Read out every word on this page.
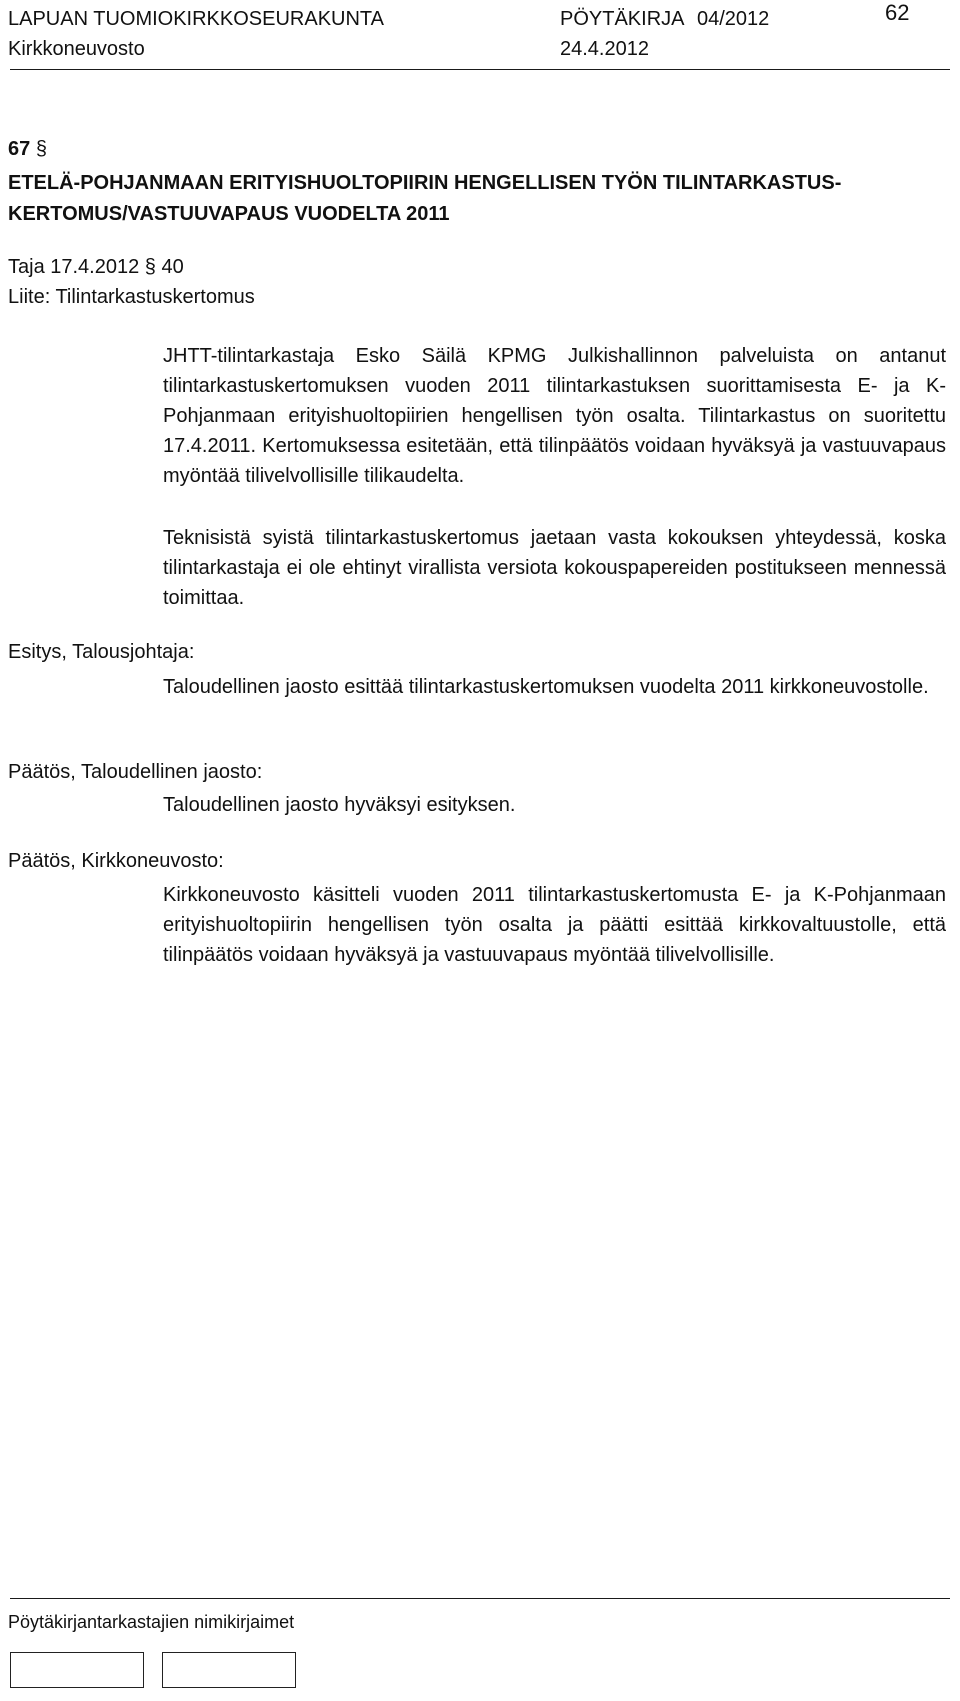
LAPUAN TUOMIOKIRKKOSEURAKUNTA	PÖYTÄKIRJA 04/2012	62
Kirkkoneuvosto	24.4.2012
67 §
ETELÄ-POHJANMAAN ERITYISHUOLTOPIIRIN HENGELLISEN TYÖN TILINTARKASTUS-
KERTOMUS/VASTUUVAPAUS VUODELTA 2011
Taja 17.4.2012 § 40
Liite: Tilintarkastuskertomus
JHTT-tilintarkastaja Esko Säilä KPMG Julkishallinnon palveluista on antanut tilintarkastuskertomuksen vuoden 2011 tilintarkastuksen suorittamisesta E- ja K-Pohjanmaan erityishuoltopiirien hengellisen työn osalta. Tilintarkastus on suoritettu 17.4.2011. Kertomuksessa esitetään, että tilinpäätös voidaan hyväksyä ja vastuuvapaus myöntää tilivelvollisille tilikaudelta.
Teknisistä syistä tilintarkastuskertomus jaetaan vasta kokouksen yhteydessä, koska tilintarkastaja ei ole ehtinyt virallista versiota kokouspapereiden postitukseen mennessä toimittaa.
Esitys, Talousjohtaja:
Taloudellinen jaosto esittää tilintarkastuskertomuksen vuodelta 2011 kirkkoneuvostolle.
Päätös, Taloudellinen jaosto:
Taloudellinen jaosto hyväksyi esityksen.
Päätös, Kirkkoneuvosto:
Kirkkoneuvosto käsitteli vuoden 2011 tilintarkastuskertomusta E- ja K-Pohjanmaan erityishuoltopiirin hengellisen työn osalta ja päätti esittää kirkkovaltuustolle, että tilinpäätös voidaan hyväksyä ja vastuuvapaus myöntää tilivelvollisille.
Pöytäkirjantarkastajien nimikirjaimet
